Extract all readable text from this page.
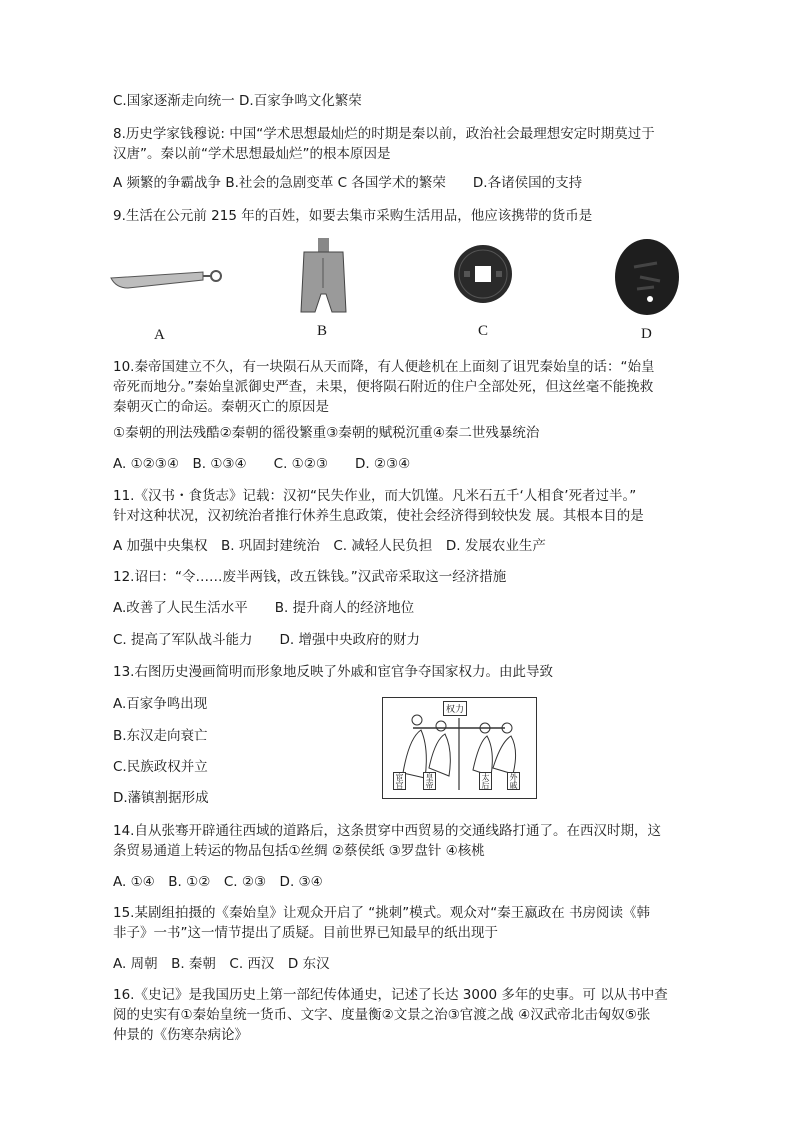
C.国家逐渐走向统一 D.百家争鸣文化繁荣
8.历史学家钱穆说: 中国“学术思想最灿烂的时期是秦以前，政治社会最理想安定时期莫过于
汉唐”。秦以前“学术思想最灿烂”的根本原因是
A 频繁的争霸战争 B.社会的急剧变革 C 各国学术的繁荣　　D.各诸侯国的支持
9.生活在公元前 215 年的百姓，如要去集市采购生活用品，他应该携带的货币是
A	B	C	D
10.秦帝国建立不久，有一块陨石从天而降，有人便趁机在上面刻了诅咒秦始皇的话：“始皇
帝死而地分。”秦始皇派御史严查，未果，便将陨石附近的住户全部处死，但这丝毫不能挽救
秦朝灭亡的命运。秦朝灭亡的原因是
①秦朝的刑法残酷②秦朝的徭役繁重③秦朝的赋税沉重④秦二世残暴统治
A. ①②③④　B. ①③④　　C. ①②③　　D. ②③④
11.《汉书・食货志》记载：汉初“民失作业，而大饥馑。凡米石五千‘人相食’死者过半。”
针对这种状况，汉初统治者推行休养生息政策，使社会经济得到较快发 展。其根本目的是
A 加强中央集权　B. 巩固封建统治　C. 减轻人民负担　D. 发展农业生产
12.诏曰：“令……废半两钱，改五铢钱。”汉武帝采取这一经济措施
A.改善了人民生活水平　　B. 提升商人的经济地位
C. 提高了军队战斗能力　　D. 增强中央政府的财力
13.右图历史漫画简明而形象地反映了外戚和宦官争夺国家权力。由此导致
A.百家争鸣出现
B.东汉走向衰亡
C.民族政权并立
D.藩镇割据形成
权力
宦官	皇帝	太后 外戚
14.自从张骞开辟通往西域的道路后，这条贯穿中西贸易的交通线路打通了。在西汉时期，这
条贸易通道上转运的物品包括①丝绸 ②蔡侯纸 ③罗盘针 ④核桃
A. ①④　B. ①②　C. ②③　D. ③④
15.某剧组拍摄的《秦始皇》让观众开启了 “挑刺”模式。观众对“秦王嬴政在 书房阅读《韩
非子》一书”这一情节提出了质疑。目前世界已知最早的纸出现于
A. 周朝　B. 秦朝　C. 西汉　D 东汉
16.《史记》是我国历史上第一部纪传体通史，记述了长达 3000 多年的史事。可 以从书中查
阅的史实有①秦始皇统一货币、文字、度量衡②文景之治③官渡之战 ④汉武帝北击匈奴⑤张
仲景的《伤寒杂病论》
